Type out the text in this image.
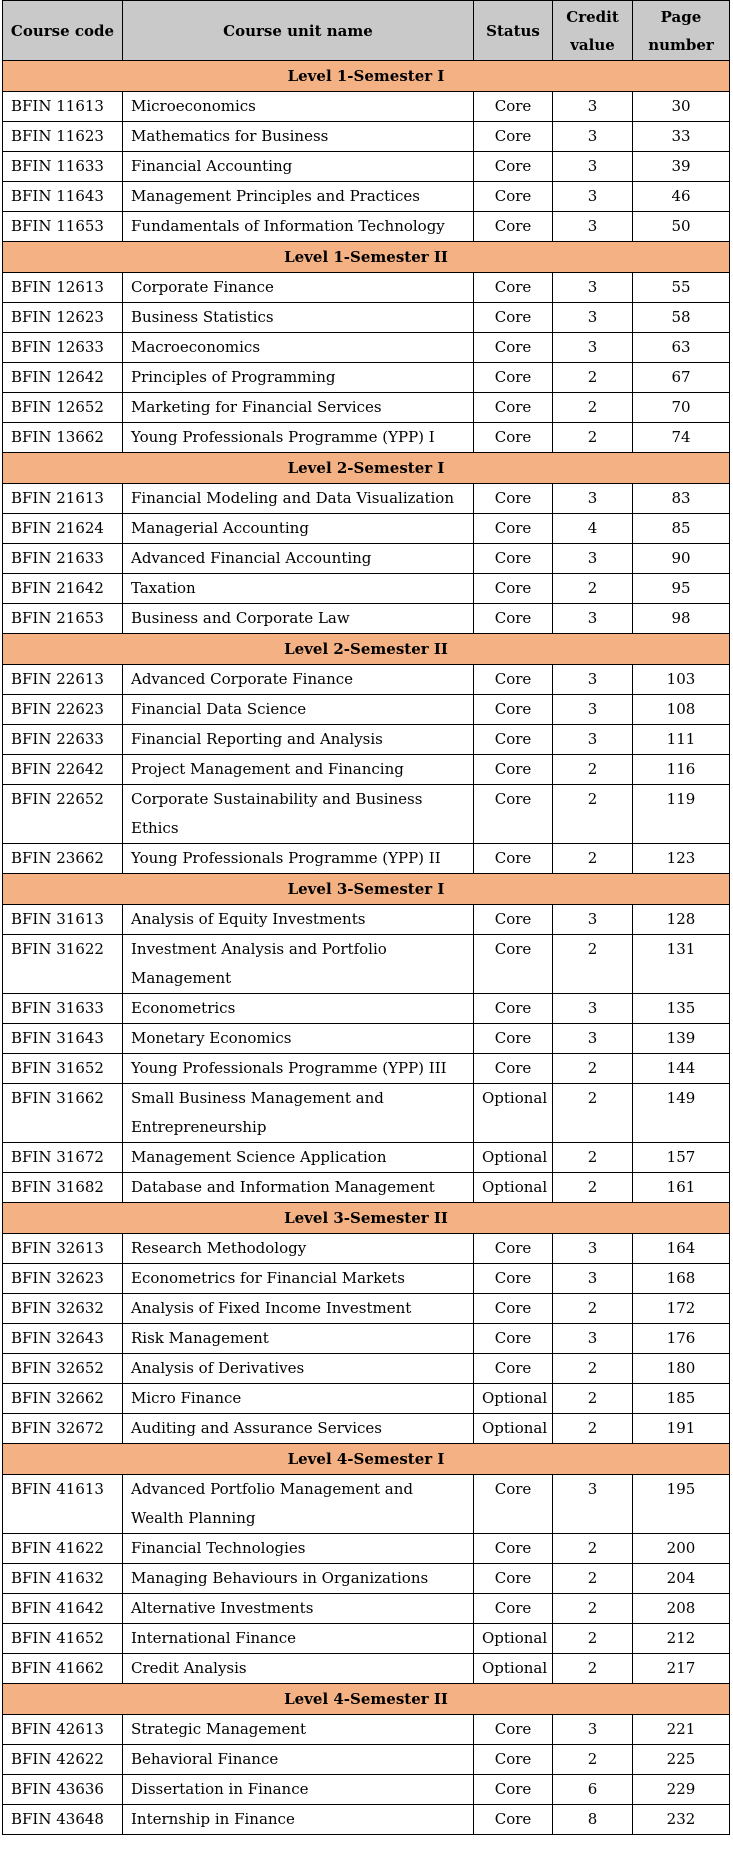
Course code	Course unit name	Status	Credit value	Page number
Level 1-Semester I				
BFIN 11613	Microeconomics	Core	3	30
BFIN 11623	Mathematics for Business	Core	3	33
BFIN 11633	Financial Accounting	Core	3	39
BFIN 11643	Management Principles and Practices	Core	3	46
BFIN 11653	Fundamentals of Information Technology	Core	3	50
Level 1-Semester II				
BFIN 12613	Corporate Finance	Core	3	55
BFIN 12623	Business Statistics	Core	3	58
BFIN 12633	Macroeconomics	Core	3	63
BFIN 12642	Principles of Programming	Core	2	67
BFIN 12652	Marketing for Financial Services	Core	2	70
BFIN 13662	Young Professionals Programme (YPP) I	Core	2	74
Level 2-Semester I				
BFIN 21613	Financial Modeling and Data Visualization	Core	3	83
BFIN 21624	Managerial Accounting	Core	4	85
BFIN 21633	Advanced Financial Accounting	Core	3	90
BFIN 21642	Taxation	Core	2	95
BFIN 21653	Business and Corporate Law	Core	3	98
Level 2-Semester II				
BFIN 22613	Advanced Corporate Finance	Core	3	103
BFIN 22623	Financial Data Science	Core	3	108
BFIN 22633	Financial Reporting and Analysis	Core	3	111
BFIN 22642	Project Management and Financing	Core	2	116
BFIN 22652	Corporate Sustainability and Business Ethics	Core	2	119
BFIN 23662	Young Professionals Programme (YPP) II	Core	2	123
Level 3-Semester I				
BFIN 31613	Analysis of Equity Investments	Core	3	128
BFIN 31622	Investment Analysis and Portfolio Management	Core	2	131
BFIN 31633	Econometrics	Core	3	135
BFIN 31643	Monetary Economics	Core	3	139
BFIN 31652	Young Professionals Programme (YPP) III	Core	2	144
BFIN 31662	Small Business Management and Entrepreneurship	Optional	2	149
BFIN 31672	Management Science Application	Optional	2	157
BFIN 31682	Database and Information Management	Optional	2	161
Level 3-Semester II				
BFIN 32613	Research Methodology	Core	3	164
BFIN 32623	Econometrics for Financial Markets	Core	3	168
BFIN 32632	Analysis of Fixed Income Investment	Core	2	172
BFIN 32643	Risk Management	Core	3	176
BFIN 32652	Analysis of Derivatives	Core	2	180
BFIN 32662	Micro Finance	Optional	2	185
BFIN 32672	Auditing and Assurance Services	Optional	2	191
Level 4-Semester I				
BFIN 41613	Advanced Portfolio Management and Wealth Planning	Core	3	195
BFIN 41622	Financial Technologies	Core	2	200
BFIN 41632	Managing Behaviours in Organizations	Core	2	204
BFIN 41642	Alternative Investments	Core	2	208
BFIN 41652	International Finance	Optional	2	212
BFIN 41662	Credit Analysis	Optional	2	217
Level 4-Semester II				
BFIN 42613	Strategic Management	Core	3	221
BFIN 42622	Behavioral Finance	Core	2	225
BFIN 43636	Dissertation in Finance	Core	6	229
BFIN 43648	Internship in Finance	Core	8	232
